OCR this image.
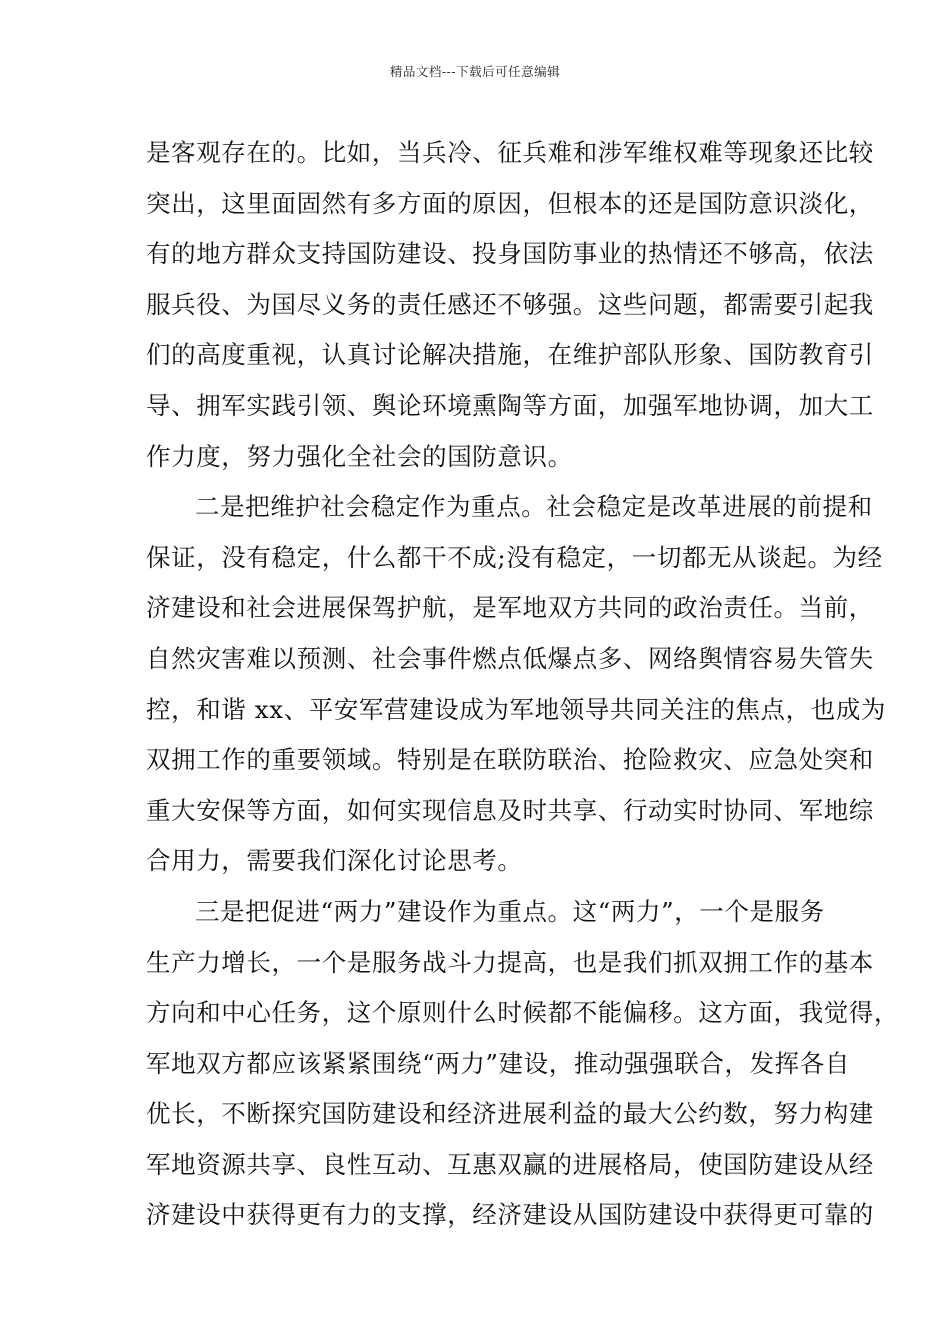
精品文档---下载后可任意编辑
是客观存在的。比如，当兵冷、征兵难和涉军维权难等现象还比较
突出，这里面固然有多方面的原因，但根本的还是国防意识淡化，
有的地方群众支持国防建设、投身国防事业的热情还不够高，依法
服兵役、为国尽义务的责任感还不够强。这些问题，都需要引起我
们的高度重视，认真讨论解决措施，在维护部队形象、国防教育引
导、拥军实践引领、舆论环境熏陶等方面，加强军地协调，加大工
作力度，努力强化全社会的国防意识。
二是把维护社会稳定作为重点。社会稳定是改革进展的前提和
保证，没有稳定，什么都干不成;没有稳定，一切都无从谈起。为经
济建设和社会进展保驾护航，是军地双方共同的政治责任。当前，
自然灾害难以预测、社会事件燃点低爆点多、网络舆情容易失管失
控，和谐 xx、平安军营建设成为军地领导共同关注的焦点，也成为
双拥工作的重要领域。特别是在联防联治、抢险救灾、应急处突和
重大安保等方面，如何实现信息及时共享、行动实时协同、军地综
合用力，需要我们深化讨论思考。
三是把促进“两力”建设作为重点。这“两力”，一个是服务
生产力增长，一个是服务战斗力提高，也是我们抓双拥工作的基本
方向和中心任务，这个原则什么时候都不能偏移。这方面，我觉得，
军地双方都应该紧紧围绕“两力”建设，推动强强联合，发挥各自
优长，不断探究国防建设和经济进展利益的最大公约数，努力构建
军地资源共享、良性互动、互惠双赢的进展格局，使国防建设从经
济建设中获得更有力的支撑，经济建设从国防建设中获得更可靠的
